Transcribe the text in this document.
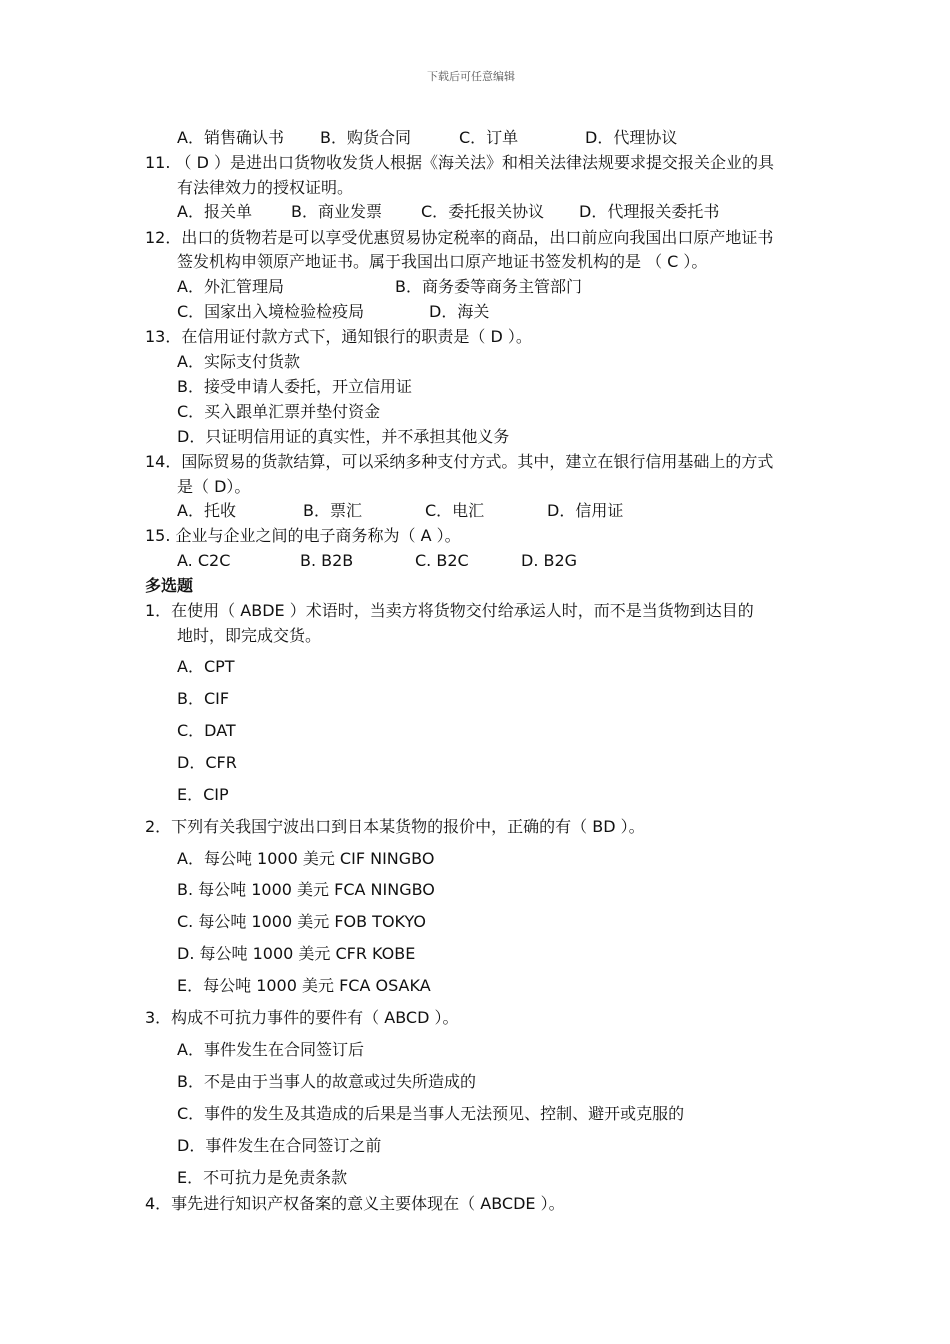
下载后可任意编辑
A．销售确认书 B．购货合同	C．订单	D．代理协议
11. （ D ）是进出口货物收发货人根据《海关法》和相关法律法规要求提交报关企业的具
有法律效力的授权证明。
A．报关单 B．商业发票 C．委托报关协议 D．代理报关委托书
12．出口的货物若是可以享受优惠贸易协定税率的商品，出口前应向我国出口原产地证书
签发机构申领原产地证书。属于我国出口原产地证书签发机构的是 （ C ）。
A．外汇管理局	B．商务委等商务主管部门
C．国家出入境检验检疫局	D．海关
13．在信用证付款方式下，通知银行的职责是（ D ）。
A．实际支付货款
B．接受申请人委托，开立信用证
C．买入跟单汇票并垫付资金
D．只证明信用证的真实性，并不承担其他义务
14．国际贸易的货款结算，可以采纳多种支付方式。其中，建立在银行信用基础上的方式
是（ D）。
A．托收	B．票汇	C．电汇	D．信用证
15. 企业与企业之间的电子商务称为（ A ）。
A. C2C	B. B2B	C. B2C	D. B2G
多选题
1．在使用（ ABDE ）术语时，当卖方将货物交付给承运人时，而不是当货物到达目的
地时，即完成交货。
A．CPT
B．CIF
C．DAT
D．CFR
E．CIP
2．下列有关我国宁波出口到日本某货物的报价中，正确的有（ BD ）。
A．每公吨 1000 美元 CIF NINGBO
B. 每公吨 1000 美元 FCA NINGBO
C. 每公吨 1000 美元 FOB TOKYO
D. 每公吨 1000 美元 CFR KOBE
E．每公吨 1000 美元 FCA OSAKA
3．构成不可抗力事件的要件有（ ABCD ）。
A．事件发生在合同签订后
B．不是由于当事人的故意或过失所造成的
C．事件的发生及其造成的后果是当事人无法预见、控制、避开或克服的
D．事件发生在合同签订之前
E．不可抗力是免责条款
4．事先进行知识产权备案的意义主要体现在（ ABCDE ）。
